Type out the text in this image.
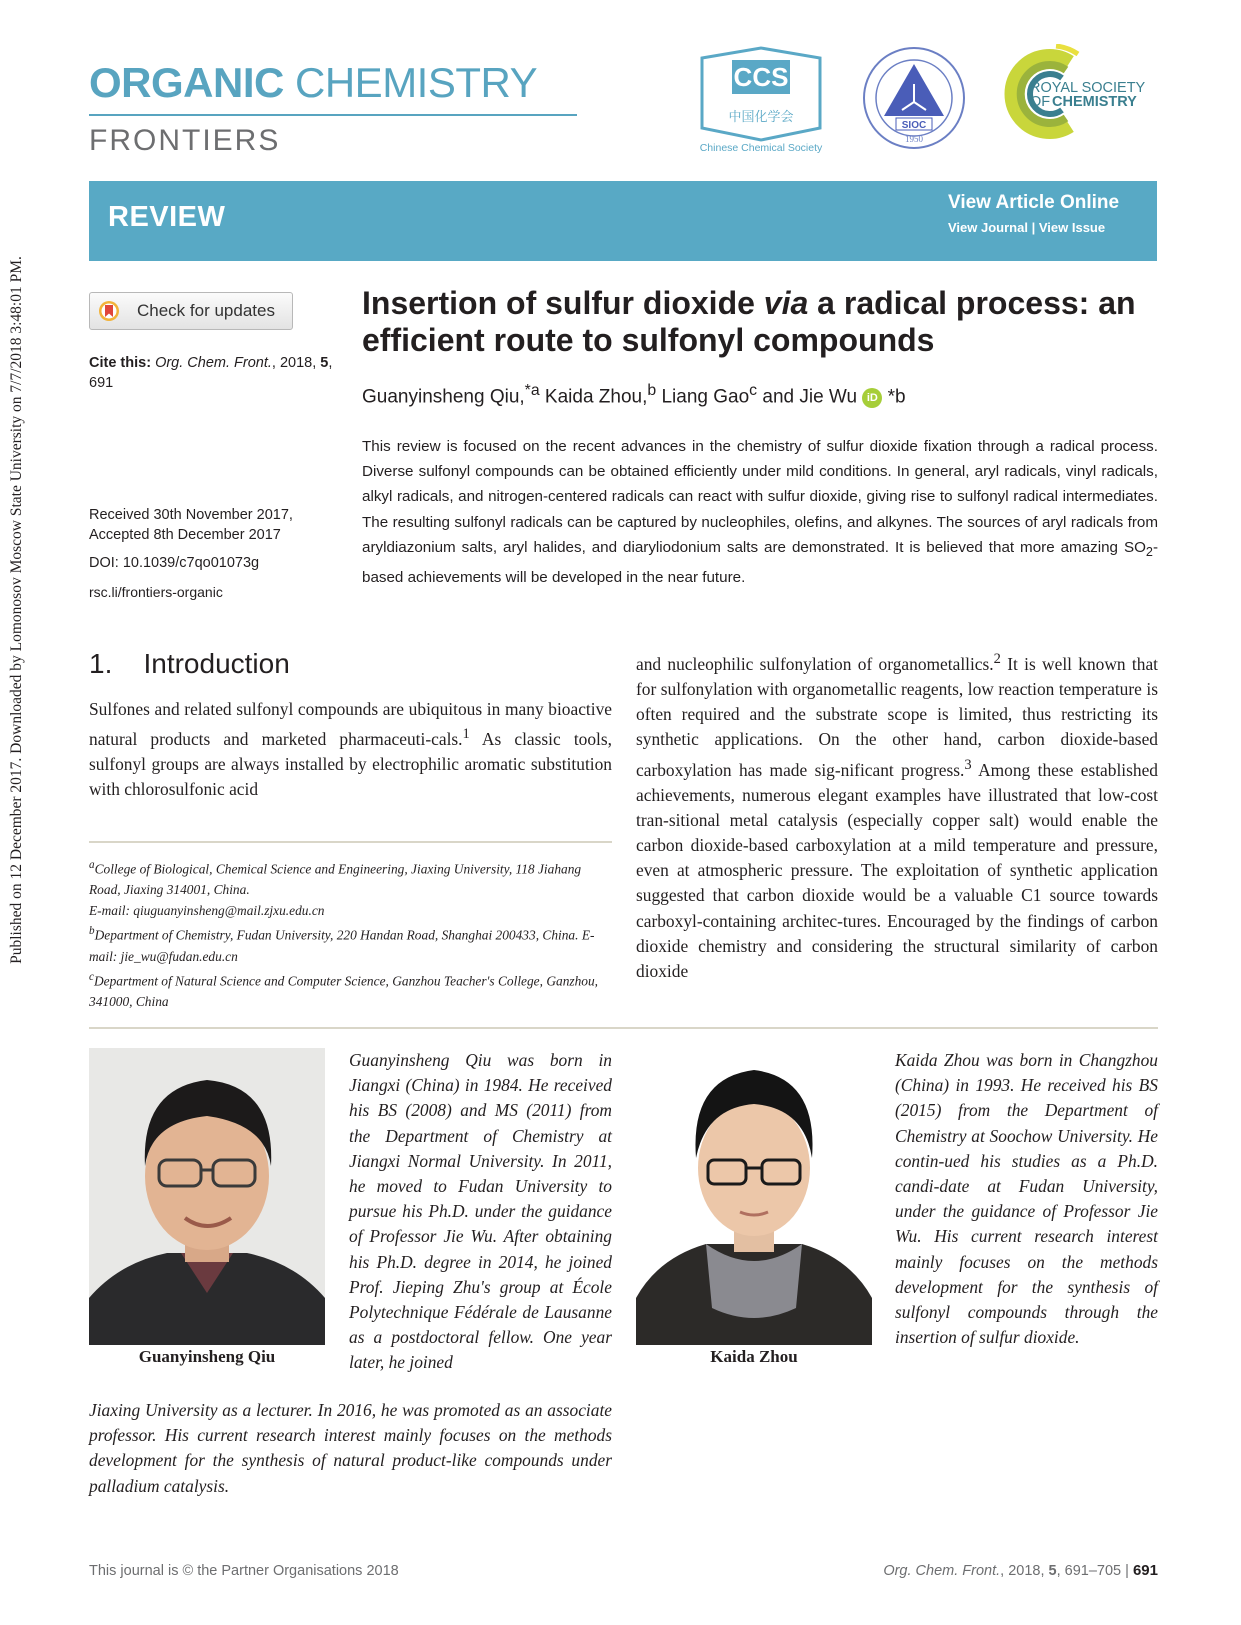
Published on 12 December 2017. Downloaded by Lomonosov Moscow State University on 7/7/2018 3:48:01 PM.
ORGANIC CHEMISTRY
FRONTIERS
CCS
中国化学会
Chinese Chemical Society
SIOC
1950
ROYAL SOCIETY
OF CHEMISTRY
REVIEW	View Article Online
View Journal | View Issue
Check for updates
Cite this: Org. Chem. Front., 2018, 5,
691
Received 30th November 2017,
Accepted 8th December 2017
DOI: 10.1039/c7qo01073g
rsc.li/frontiers-organic
Insertion of sulfur dioxide via a radical process: an efficient route to sulfonyl compounds
Guanyinsheng Qiu,$^{*a}$ Kaida Zhou,$^b$ Liang Gao$^c$ and Jie Wu iD *b
This review is focused on the recent advances in the chemistry of sulfur dioxide fixation through a radical process. Diverse sulfonyl compounds can be obtained efficiently under mild conditions. In general, aryl radicals, vinyl radicals, alkyl radicals, and nitrogen-centered radicals can react with sulfur dioxide, giving rise to sulfonyl radical intermediates. The resulting sulfonyl radicals can be captured by nucleophiles, olefins, and alkynes. The sources of aryl radicals from aryldiazonium salts, aryl halides, and diaryliodonium salts are demonstrated. It is believed that more amazing $SO_2$-based achievements will be developed in the near future.
1.    Introduction
Sulfones and related sulfonyl compounds are ubiquitous in many bioactive natural products and marketed pharmaceuti-cals.$^1$ As classic tools, sulfonyl groups are always installed by electrophilic aromatic substitution with chlorosulfonic acid
and nucleophilic sulfonylation of organometallics.$^2$ It is well known that for sulfonylation with organometallic reagents, low reaction temperature is often required and the substrate scope is limited, thus restricting its synthetic applications. On the other hand, carbon dioxide-based carboxylation has made sig-nificant progress.$^3$ Among these established achievements, numerous elegant examples have illustrated that low-cost tran-sitional metal catalysis (especially copper salt) would enable the carbon dioxide-based carboxylation at a mild temperature and pressure, even at atmospheric pressure. The exploitation of synthetic application suggested that carbon dioxide would be a valuable C1 source towards carboxyl-containing architec-tures. Encouraged by the findings of carbon dioxide chemistry and considering the structural similarity of carbon dioxide
$^a$College of Biological, Chemical Science and Engineering, Jiaxing University, 118 Jiahang Road, Jiaxing 314001, China.
E-mail: qiuguanyinsheng@mail.zjxu.edu.cn
$^b$Department of Chemistry, Fudan University, 220 Handan Road, Shanghai 200433, China. E-mail: jie_wu@fudan.edu.cn
$^c$Department of Natural Science and Computer Science, Ganzhou Teacher's College, Ganzhou, 341000, China
Guanyinsheng Qiu
Guanyinsheng Qiu was born in Jiangxi (China) in 1984. He received his BS (2008) and MS (2011) from the Department of Chemistry at Jiangxi Normal University. In 2011, he moved to Fudan University to pursue his Ph.D. under the guidance of Professor Jie Wu. After obtaining his Ph.D. degree in 2014, he joined Prof. Jieping Zhu's group at École Polytechnique Fédérale de Lausanne as a postdoctoral fellow. One year later, he joined
Jiaxing University as a lecturer. In 2016, he was promoted as an associate professor. His current research interest mainly focuses on the methods development for the synthesis of natural product-like compounds under palladium catalysis.
Kaida Zhou
Kaida Zhou was born in Changzhou (China) in 1993. He received his BS (2015) from the Department of Chemistry at Soochow University. He contin-ued his studies as a Ph.D. candi-date at Fudan University, under the guidance of Professor Jie Wu. His current research interest mainly focuses on the methods development for the synthesis of sulfonyl compounds through the insertion of sulfur dioxide.
This journal is © the Partner Organisations 2018	Org. Chem. Front., 2018, 5, 691–705 | 691
